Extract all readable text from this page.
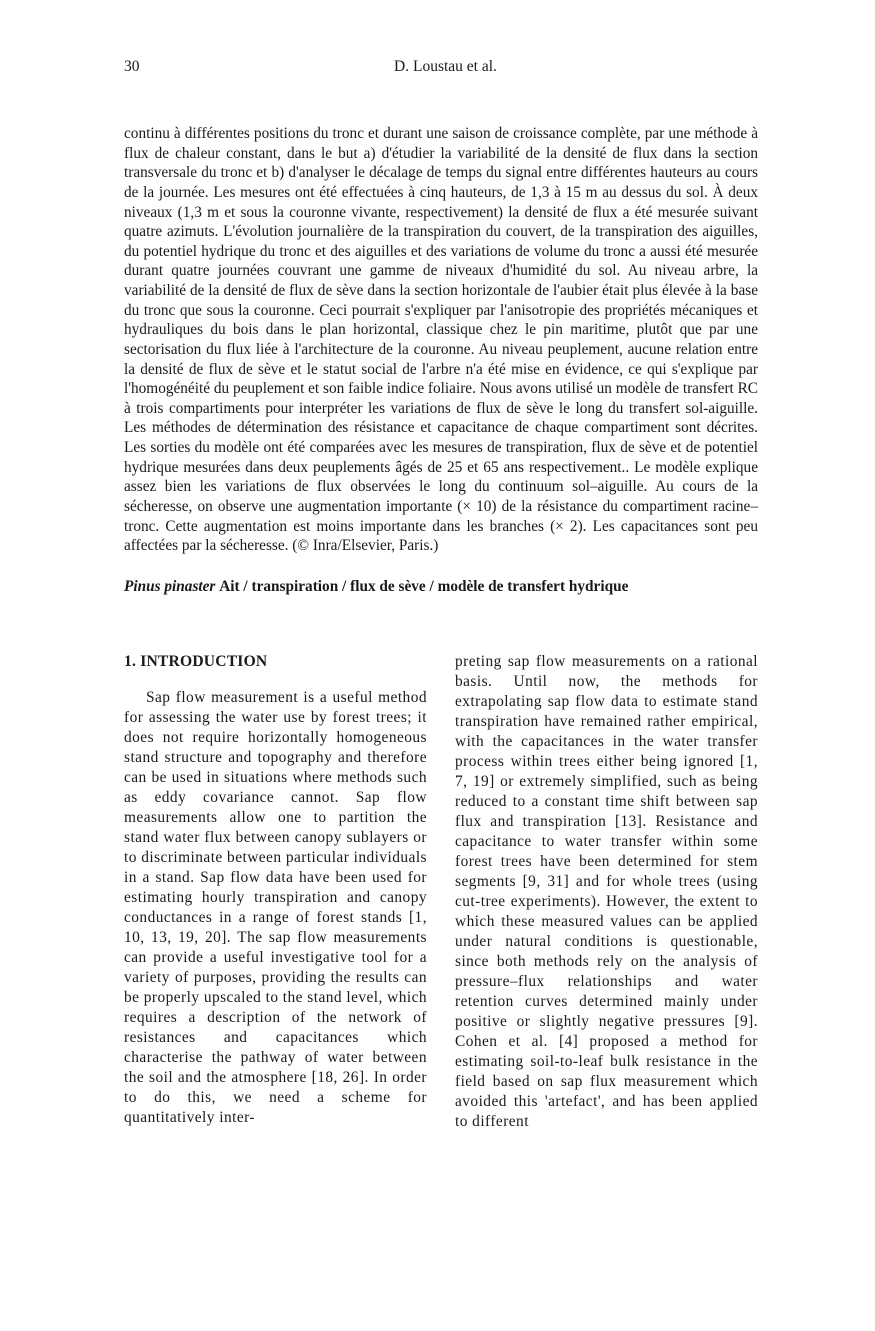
30	D. Loustau et al.

continu à différentes positions du tronc et durant une saison de croissance complète, par une méthode à flux de chaleur constant, dans le but a) d'étudier la variabilité de la densité de flux dans la section transversale du tronc et b) d'analyser le décalage de temps du signal entre différentes hauteurs au cours de la journée. Les mesures ont été effectuées à cinq hauteurs, de 1,3 à 15 m au dessus du sol. À deux niveaux (1,3 m et sous la couronne vivante, respectivement) la densité de flux a été mesurée suivant quatre azimuts. L'évolution journalière de la transpiration du couvert, de la transpiration des aiguilles, du potentiel hydrique du tronc et des aiguilles et des variations de volume du tronc a aussi été mesurée durant quatre journées couvrant une gamme de niveaux d'humidité du sol. Au niveau arbre, la variabilité de la densité de flux de sève dans la section horizontale de l'aubier était plus élevée à la base du tronc que sous la couronne. Ceci pourrait s'expliquer par l'anisotropie des propriétés mécaniques et hydrauliques du bois dans le plan horizontal, classique chez le pin maritime, plutôt que par une sectorisation du flux liée à l'architecture de la couronne. Au niveau peuplement, aucune relation entre la densité de flux de sève et le statut social de l'arbre n'a été mise en évidence, ce qui s'explique par l'homogénéité du peuplement et son faible indice foliaire. Nous avons utilisé un modèle de transfert RC à trois compartiments pour interpréter les variations de flux de sève le long du transfert sol-aiguille. Les méthodes de détermination des résistance et capacitance de chaque compartiment sont décrites. Les sorties du modèle ont été comparées avec les mesures de transpiration, flux de sève et de potentiel hydrique mesurées dans deux peuplements âgés de 25 et 65 ans respectivement.. Le modèle explique assez bien les variations de flux observées le long du continuum sol–aiguille. Au cours de la sécheresse, on observe une augmentation importante (× 10) de la résistance du compartiment racine–tronc. Cette augmentation est moins importante dans les branches (× 2). Les capacitances sont peu affectées par la sécheresse. (© Inra/Elsevier, Paris.)

Pinus pinaster Ait / transpiration / flux de sève / modèle de transfert hydrique
1. INTRODUCTION

Sap flow measurement is a useful method for assessing the water use by forest trees; it does not require horizontally homogeneous stand structure and topography and therefore can be used in situations where methods such as eddy covariance cannot. Sap flow measurements allow one to partition the stand water flux between canopy sublayers or to discriminate between particular individuals in a stand. Sap flow data have been used for estimating hourly transpiration and canopy conductances in a range of forest stands [1, 10, 13, 19, 20]. The sap flow measurements can provide a useful investigative tool for a variety of purposes, providing the results can be properly upscaled to the stand level, which requires a description of the network of resistances and capacitances which characterise the pathway of water between the soil and the atmosphere [18, 26]. In order to do this, we need a scheme for quantitatively inter-

preting sap flow measurements on a rational basis. Until now, the methods for extrapolating sap flow data to estimate stand transpiration have remained rather empirical, with the capacitances in the water transfer process within trees either being ignored [1, 7, 19] or extremely simplified, such as being reduced to a constant time shift between sap flux and transpiration [13]. Resistance and capacitance to water transfer within some forest trees have been determined for stem segments [9, 31] and for whole trees (using cut-tree experiments). However, the extent to which these measured values can be applied under natural conditions is questionable, since both methods rely on the analysis of pressure–flux relationships and water retention curves determined mainly under positive or slightly negative pressures [9]. Cohen et al. [4] proposed a method for estimating soil-to-leaf bulk resistance in the field based on sap flux measurement which avoided this 'artefact', and has been applied to different
